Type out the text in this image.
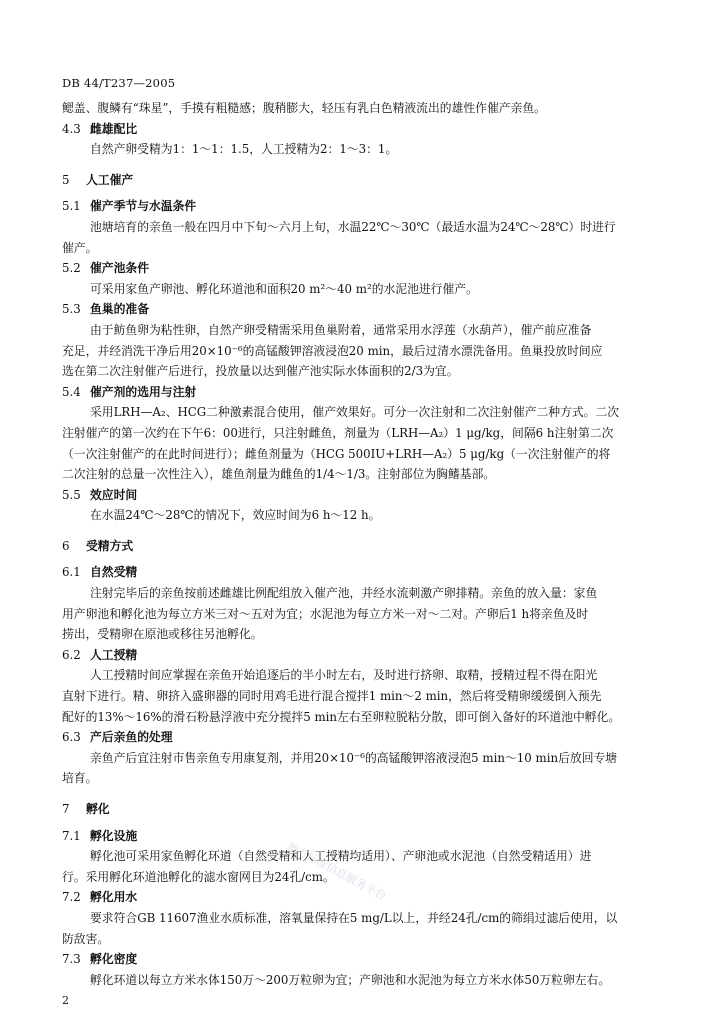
DB 44/T237—2005
鳃盖、腹鳞有“珠星”，手摸有粗糙感；腹稍膨大，轻压有乳白色精液流出的雄性作催产亲鱼。
4.3 雌雄配比
自然产卵受精为1：1～1：1.5，人工授精为2：1～3：1。
5 人工催产
5.1 催产季节与水温条件
池塘培育的亲鱼一般在四月中下旬～六月上旬，水温22℃～30℃（最适水温为24℃～28℃）时进行
催产。
5.2 催产池条件
可采用家鱼产卵池、孵化环道池和面积20 m²～40 m²的水泥池进行催产。
5.3 鱼巢的准备
由于鲂鱼卵为粘性卵，自然产卵受精需采用鱼巢附着，通常采用水浮莲（水葫芦），催产前应准备
充足，并经消洗干净后用20×10⁻⁶的高锰酸钾溶液浸泡20 min，最后过清水漂洗备用。鱼巢投放时间应
选在第二次注射催产后进行，投放量以达到催产池实际水体面积的2/3为宜。
5.4 催产剂的选用与注射
采用LRH—A₂、HCG二种激素混合使用，催产效果好。可分一次注射和二次注射催产二种方式。二次
注射催产的第一次约在下午6：00进行，只注射雌鱼，剂量为（LRH—A₂）1 μg/kg，间隔6 h注射第二次
（一次注射催产的在此时间进行）；雌鱼剂量为（HCG 500IU+LRH—A₂）5 μg/kg（一次注射催产的将
二次注射的总量一次性注入），雄鱼剂量为雌鱼的1/4～1/3。注射部位为胸鳍基部。
5.5 效应时间
在水温24℃～28℃的情况下，效应时间为6 h～12 h。
6 受精方式
6.1 自然受精
注射完毕后的亲鱼按前述雌雄比例配组放入催产池，并经水流刺激产卵排精。亲鱼的放入量：家鱼
用产卵池和孵化池为每立方米三对～五对为宜；水泥池为每立方米一对～二对。产卵后1 h将亲鱼及时
捞出，受精卵在原池或移往另池孵化。
6.2 人工授精
人工授精时间应掌握在亲鱼开始追逐后的半小时左右，及时进行挤卵、取精，授精过程不得在阳光
直射下进行。精、卵挤入盛卵器的同时用鸡毛进行混合搅拌1 min～2 min，然后将受精卵缓缓倒入预先
配好的13%～16%的滑石粉悬浮液中充分搅拌5 min左右至卵粒脱粘分散，即可倒入备好的环道池中孵化。
6.3 产后亲鱼的处理
亲鱼产后宜注射市售亲鱼专用康复剂，并用20×10⁻⁶的高锰酸钾溶液浸泡5 min～10 min后放回专塘
培育。
7 孵化
7.1 孵化设施
孵化池可采用家鱼孵化环道（自然受精和人工授精均适用）、产卵池或水泥池（自然受精适用）进
行。采用孵化环道池孵化的滤水窗网目为24孔/cm。
7.2 孵化用水
要求符合GB 11607渔业水质标准，溶氧量保持在5 mg/L以上，并经24孔/cm的筛绢过滤后使用，以
防敌害。
7.3 孵化密度
孵化环道以每立方米水体150万～200万粒卵为宜；产卵池和水泥池为每立方米水体50万粒卵左右。
地方标准信息服务平台
2
